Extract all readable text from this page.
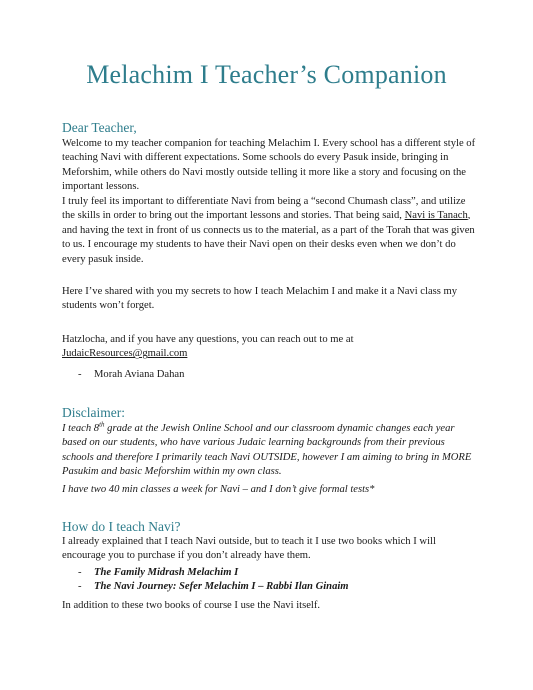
Melachim I Teacher’s Companion
Dear Teacher,
Welcome to my teacher companion for teaching Melachim I. Every school has a different style of teaching Navi with different expectations. Some schools do every Pasuk inside, bringing in Meforshim, while others do Navi mostly outside telling it more like a story and focusing on the important lessons.
I truly feel its important to differentiate Navi from being a “second Chumash class”, and utilize the skills in order to bring out the important lessons and stories. That being said, Navi is Tanach, and having the text in front of us connects us to the material, as a part of the Torah that was given to us. I encourage my students to have their Navi open on their desks even when we don’t do every pasuk inside.
Here I’ve shared with you my secrets to how I teach Melachim I and make it a Navi class my students won’t forget.
Hatzlocha, and if you have any questions, you can reach out to me at
JudaicResources@gmail.com
- Morah Aviana Dahan
Disclaimer:
I teach 8th grade at the Jewish Online School and our classroom dynamic changes each year based on our students, who have various Judaic learning backgrounds from their previous schools and therefore I primarily teach Navi OUTSIDE, however I am aiming to bring in MORE Pasukim and basic Meforshim within my own class.
I have two 40 min classes a week for Navi – and I don’t give formal tests*
How do I teach Navi?
I already explained that I teach Navi outside, but to teach it I use two books which I will encourage you to purchase if you don’t already have them.
- The Family Midrash Melachim I
- The Navi Journey: Sefer Melachim I – Rabbi Ilan Ginaim
In addition to these two books of course I use the Navi itself.
